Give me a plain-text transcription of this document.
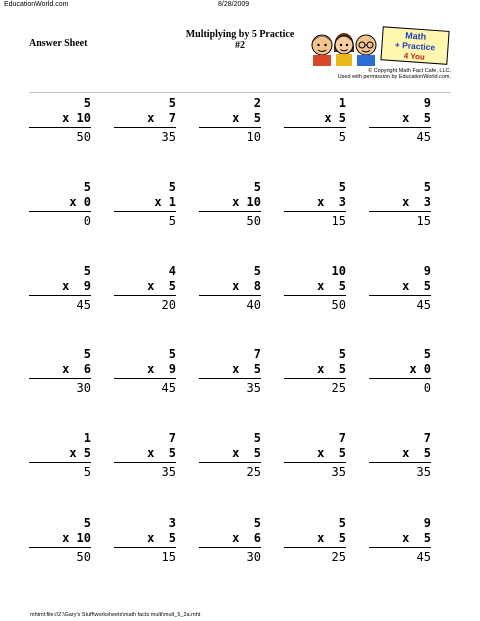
EducationWorld.com	8/28/2009
Answer Sheet
Multiplying by 5 Practice
#2
Math
+ Practice
4 You
© Copyright Math Fact Cafe, LLC.
Used with permission by EducationWorld.com.
5
x 10
50
5
x  7
35
2
x  5
10
1
x 5
5
9
x  5
45
5
x 0
0
5
x 1
5
5
x 10
50
5
x  3
15
5
x  3
15
5
x  9
45
4
x  5
20
5
x  8
40
10
x  5
50
9
x  5
45
5
x  6
30
5
x  9
45
7
x  5
35
5
x  5
25
5
x 0
0
1
x 5
5
7
x  5
35
5
x  5
25
7
x  5
35
7
x  5
35
5
x 10
50
3
x  5
15
5
x  6
30
5
x  5
25
9
x  5
45
mhtml:file://Z:\Gary's Stuff\worksheets\math facts multi\mult_5_2a.mht
